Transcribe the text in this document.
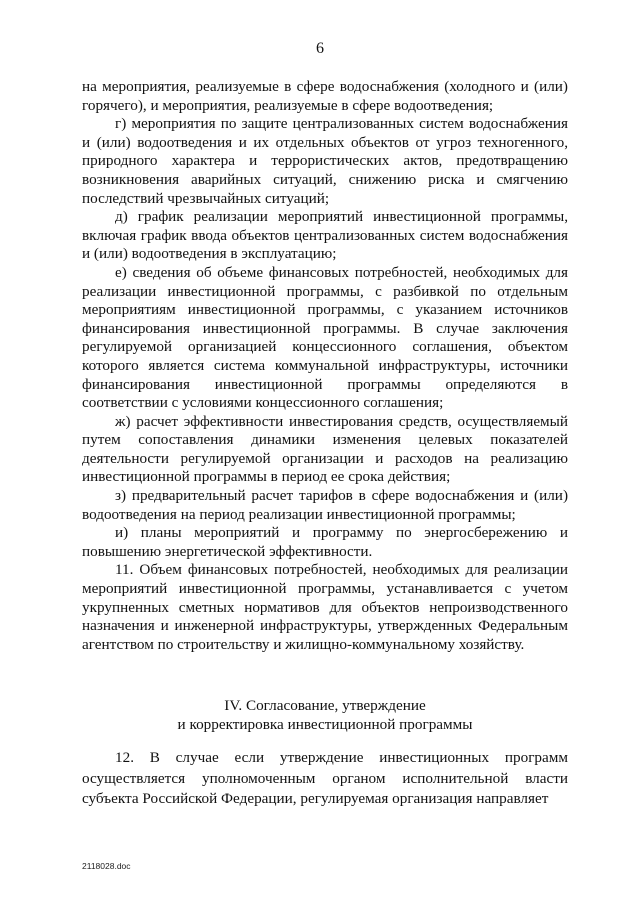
6

на мероприятия, реализуемые в сфере водоснабжения (холодного и (или) горячего), и мероприятия, реализуемые в сфере водоотведения;

г) мероприятия по защите централизованных систем водоснабжения и (или) водоотведения и их отдельных объектов от угроз техногенного, природного характера и террористических актов, предотвращению возникновения аварийных ситуаций, снижению риска и смягчению последствий чрезвычайных ситуаций;

д) график реализации мероприятий инвестиционной программы, включая график ввода объектов централизованных систем водоснабжения и (или) водоотведения в эксплуатацию;

е) сведения об объеме финансовых потребностей, необходимых для реализации инвестиционной программы, с разбивкой по отдельным мероприятиям инвестиционной программы, с указанием источников финансирования инвестиционной программы. В случае заключения регулируемой организацией концессионного соглашения, объектом которого является система коммунальной инфраструктуры, источники финансирования инвестиционной программы определяются в соответствии с условиями концессионного соглашения;

ж) расчет эффективности инвестирования средств, осуществляемый путем сопоставления динамики изменения целевых показателей деятельности регулируемой организации и расходов на реализацию инвестиционной программы в период ее срока действия;

з) предварительный расчет тарифов в сфере водоснабжения и (или) водоотведения на период реализации инвестиционной программы;

и) планы мероприятий и программу по энергосбережению и повышению энергетической эффективности.

11. Объем финансовых потребностей, необходимых для реализации мероприятий инвестиционной программы, устанавливается с учетом укрупненных сметных нормативов для объектов непроизводственного назначения и инженерной инфраструктуры, утвержденных Федеральным агентством по строительству и жилищно-коммунальному хозяйству.

IV. Согласование, утверждение
и корректировка инвестиционной программы

12. В случае если утверждение инвестиционных программ осуществляется уполномоченным органом исполнительной власти субъекта Российской Федерации, регулируемая организация направляет

2118028.doc
